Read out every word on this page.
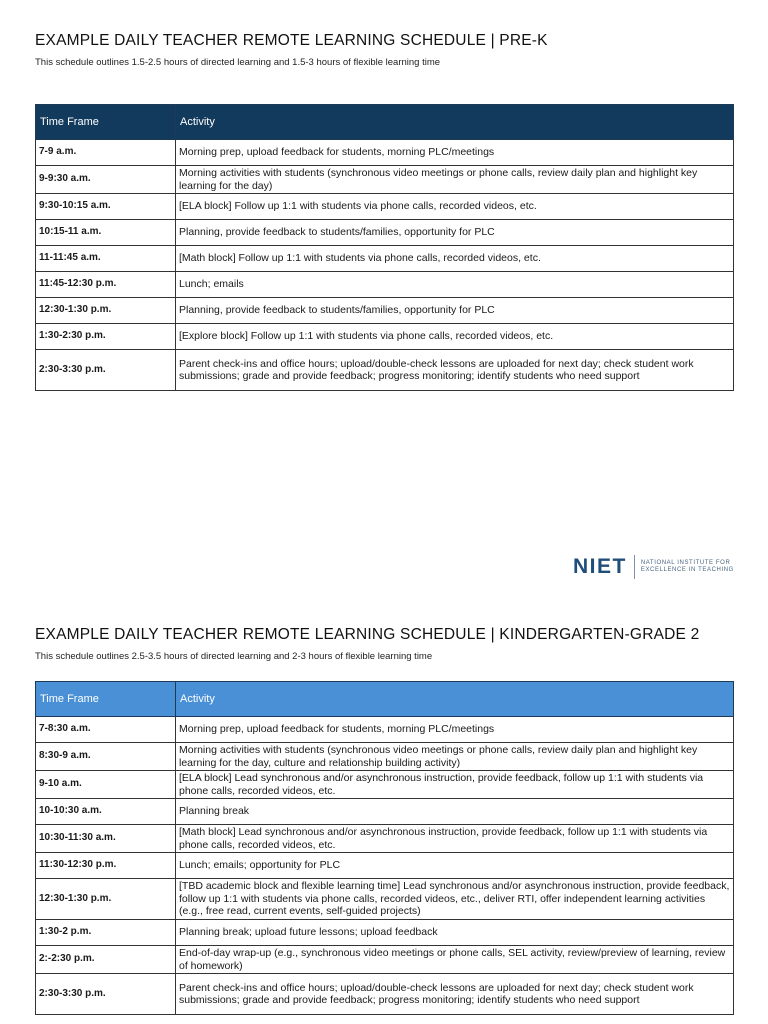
EXAMPLE DAILY TEACHER REMOTE LEARNING SCHEDULE | PRE-K

This schedule outlines 1.5-2.5 hours of directed learning and 1.5-3 hours of flexible learning time

Time Frame	Activity
7-9 a.m.	Morning prep, upload feedback for students, morning PLC/meetings
9-9:30 a.m.	Morning activities with students (synchronous video meetings or phone calls, review daily plan and highlight key learning for the day)
9:30-10:15 a.m.	[ELA block] Follow up 1:1 with students via phone calls, recorded videos, etc.
10:15-11 a.m.	Planning, provide feedback to students/families, opportunity for PLC
11-11:45 a.m.	[Math block] Follow up 1:1 with students via phone calls, recorded videos, etc.
11:45-12:30 p.m.	Lunch; emails
12:30-1:30 p.m.	Planning, provide feedback to students/families, opportunity for PLC
1:30-2:30 p.m.	[Explore block] Follow up 1:1 with students via phone calls, recorded videos, etc.
2:30-3:30 p.m.	Parent check-ins and office hours; upload/double-check lessons are uploaded for next day; check student work submissions; grade and provide feedback; progress monitoring; identify students who need support
NIET NATIONAL INSTITUTE FOR
EXCELLENCE IN TEACHING
EXAMPLE DAILY TEACHER REMOTE LEARNING SCHEDULE | KINDERGARTEN-GRADE 2

This schedule outlines 2.5-3.5 hours of directed learning and 2-3 hours of flexible learning time

Time Frame	Activity
7-8:30 a.m.	Morning prep, upload feedback for students, morning PLC/meetings
8:30-9 a.m.	Morning activities with students (synchronous video meetings or phone calls, review daily plan and highlight key learning for the day, culture and relationship building activity)
9-10 a.m.	[ELA block] Lead synchronous and/or asynchronous instruction, provide feedback, follow up 1:1 with students via phone calls, recorded videos, etc.
10-10:30 a.m.	Planning break
10:30-11:30 a.m.	[Math block] Lead synchronous and/or asynchronous instruction, provide feedback, follow up 1:1 with students via phone calls, recorded videos, etc.
11:30-12:30 p.m.	Lunch; emails; opportunity for PLC
12:30-1:30 p.m.	[TBD academic block and flexible learning time] Lead synchronous and/or asynchronous instruction, provide feedback, follow up 1:1 with students via phone calls, recorded videos, etc., deliver RTI, offer independent learning activities (e.g., free read, current events, self-guided projects)
1:30-2 p.m.	Planning break; upload future lessons; upload feedback
2:-2:30 p.m.	End-of-day wrap-up (e.g., synchronous video meetings or phone calls, SEL activity, review/preview of learning, review of homework)
2:30-3:30 p.m.	Parent check-ins and office hours; upload/double-check lessons are uploaded for next day; check student work submissions; grade and provide feedback; progress monitoring; identify students who need support
